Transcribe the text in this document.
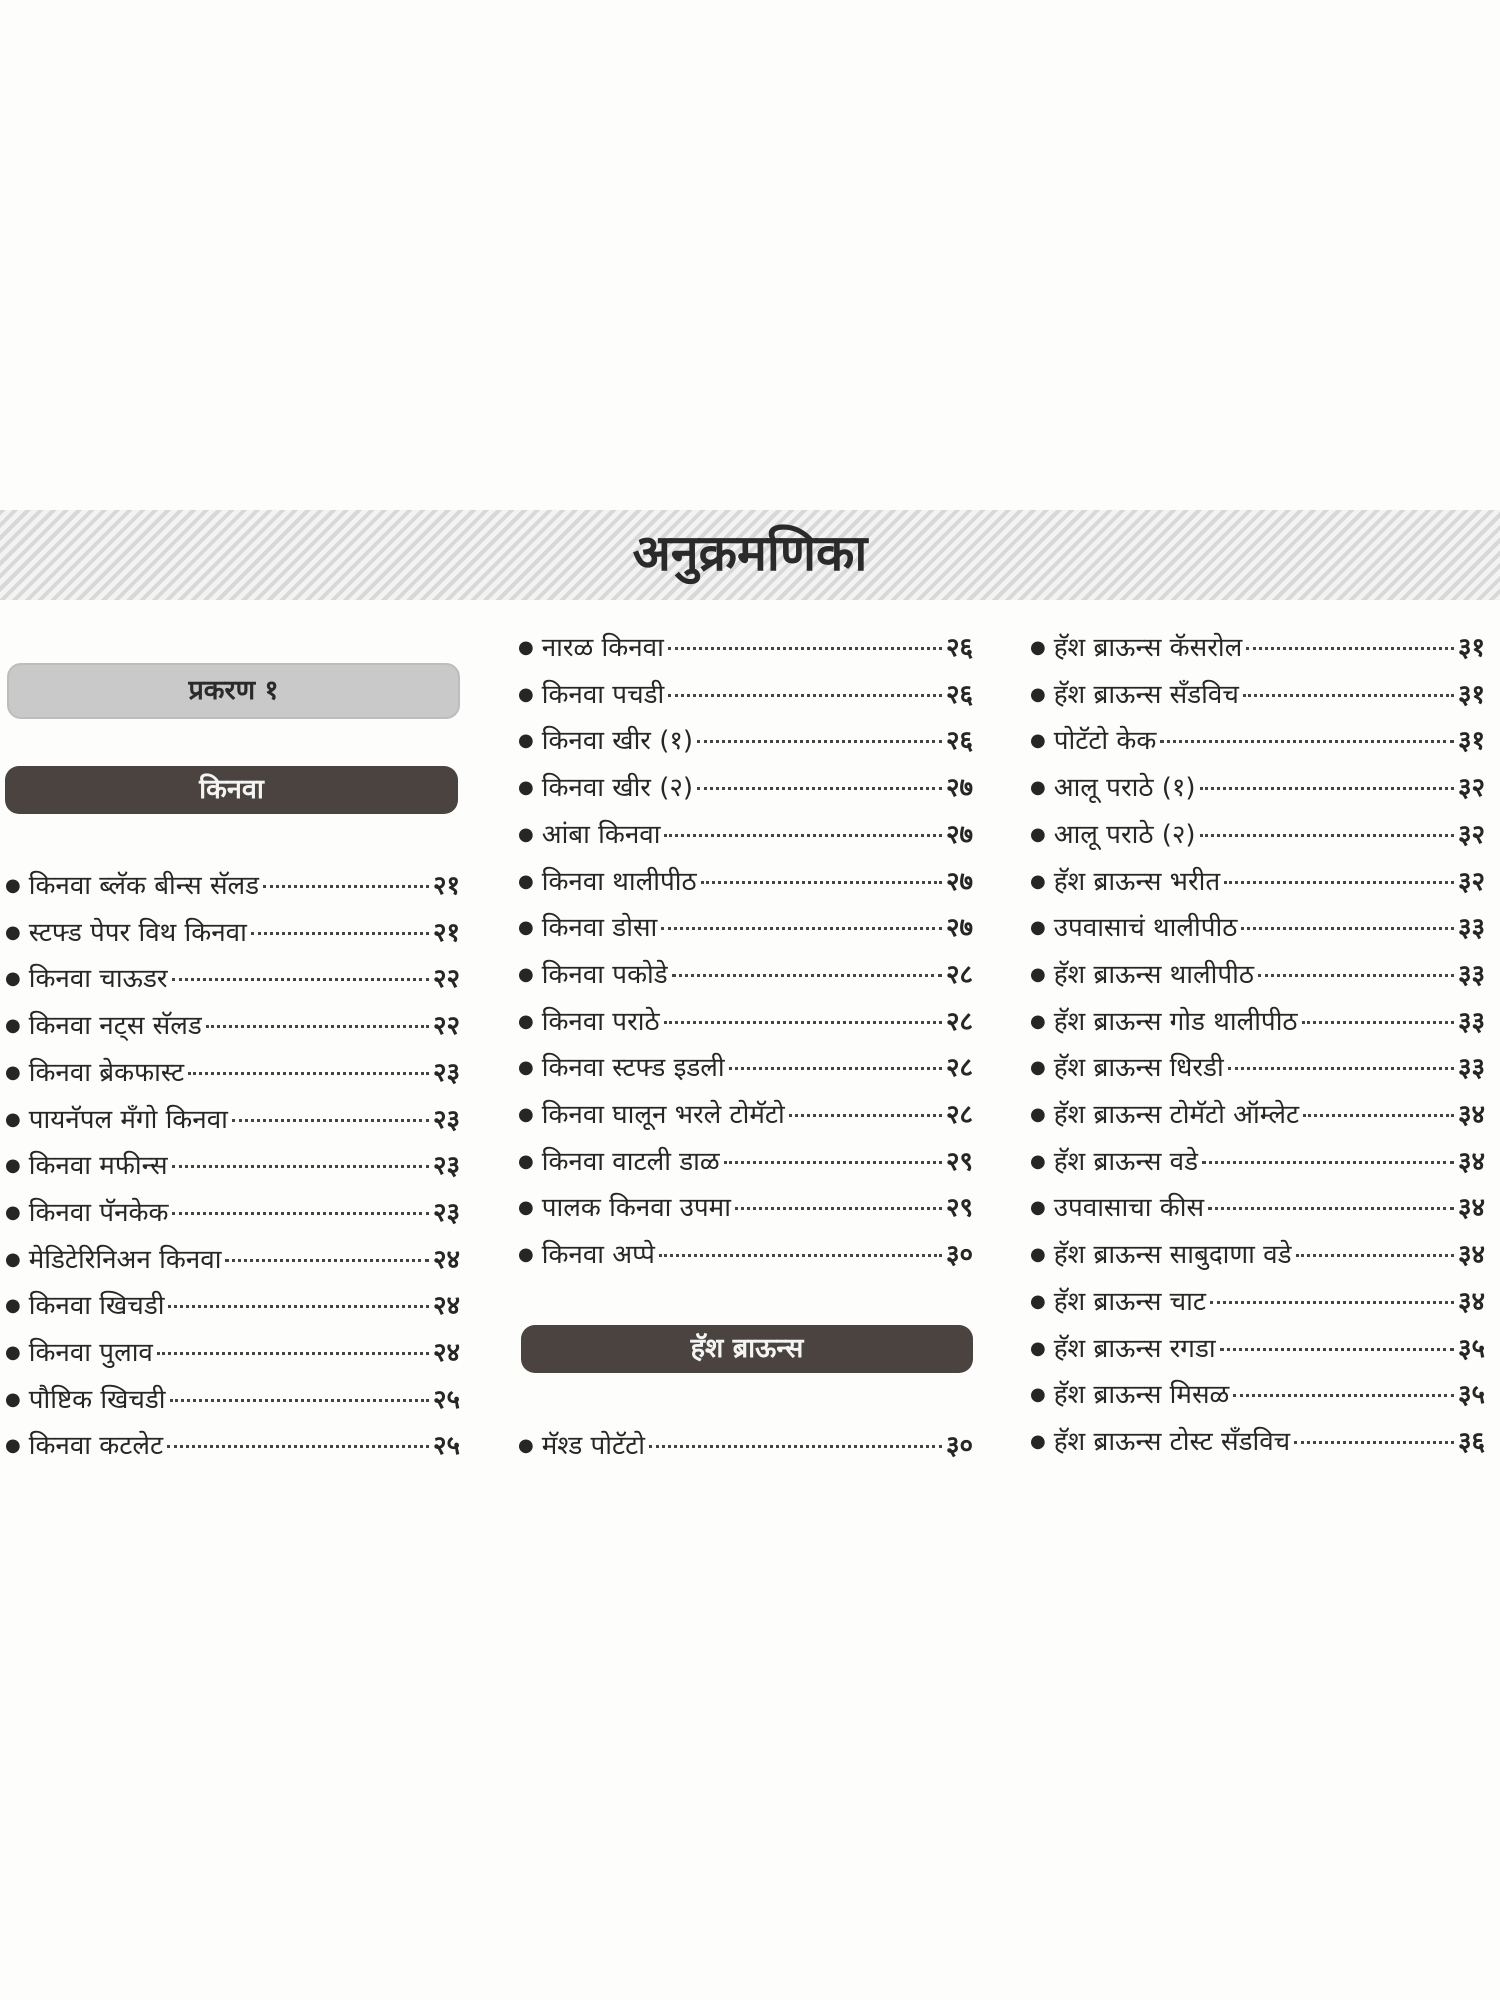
अनुक्रमणिका
प्रकरण १
किनवा
● किनवा ब्लॅक बीन्स सॅलड	२१
● स्टफ्ड पेपर विथ किनवा	२१
● किनवा चाऊडर	२२
● किनवा नट्स सॅलड	२२
● किनवा ब्रेकफास्ट	२३
● पायनॅपल मँगो किनवा	२३
● किनवा मफीन्स	२३
● किनवा पॅनकेक	२३
● मेडिटेरिनिअन किनवा	२४
● किनवा खिचडी	२४
● किनवा पुलाव	२४
● पौष्टिक खिचडी	२५
● किनवा कटलेट	२५
● नारळ किनवा	२६
● किनवा पचडी	२६
● किनवा खीर (१)	२६
● किनवा खीर (२)	२७
● आंबा किनवा	२७
● किनवा थालीपीठ	२७
● किनवा डोसा	२७
● किनवा पकोडे	२८
● किनवा पराठे	२८
● किनवा स्टफ्ड इडली	२८
● किनवा घालून भरले टोमॅटो	२८
● किनवा वाटली डाळ	२९
● पालक किनवा उपमा	२९
● किनवा अप्पे	३०
हॅश ब्राऊन्स
● मॅश्ड पोटॅटो	३०
● हॅश ब्राऊन्स कॅसरोल	३१
● हॅश ब्राऊन्स सॅंडविच	३१
● पोटॅटो केक	३१
● आलू पराठे (१)	३२
● आलू पराठे (२)	३२
● हॅश ब्राऊन्स भरीत	३२
● उपवासाचं थालीपीठ	३३
● हॅश ब्राऊन्स थालीपीठ	३३
● हॅश ब्राऊन्स गोड थालीपीठ	३३
● हॅश ब्राऊन्स धिरडी	३३
● हॅश ब्राऊन्स टोमॅटो ऑम्लेट	३४
● हॅश ब्राऊन्स वडे	३४
● उपवासाचा कीस	३४
● हॅश ब्राऊन्स साबुदाणा वडे	३४
● हॅश ब्राऊन्स चाट	३४
● हॅश ब्राऊन्स रगडा	३५
● हॅश ब्राऊन्स मिसळ	३५
● हॅश ब्राऊन्स टोस्ट सॅंडविच	३६
